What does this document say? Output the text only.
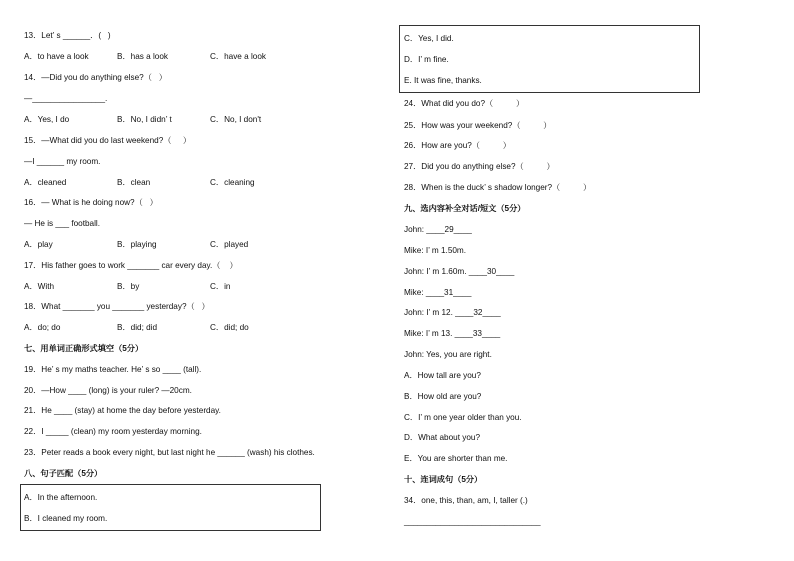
13．Let’ s ______．(   )

A．to have a look	B．has a look	C．have a look

14．—Did you do anything else?（   ）

—________________.

A．Yes, I do	B．No, I didn’ t	C．No, I don't

15．—What did you do last weekend?（     ）

—I ______ my room.

A．cleaned	B．clean	C．cleaning

16．— What is he doing now?（   ）

— He is ___ football.

A．play	B．playing	C．played

17．His father goes to work _______ car every day.（    ）

A．With	B．by	C．in

18．What _______ you _______ yesterday?（   ）

A．do; do	B．did; did	C．did; do

七、用单词正确形式填空（5分）

19．He’ s my maths teacher. He’ s so ____ (tall).

20．—How ____ (long) is your ruler? —20cm.

21．He ____ (stay) at home the day before yesterday.

22．I _____ (clean) my room yesterday morning.

23．Peter reads a book every night, but last night he ______ (wash) his clothes.

八、句子匹配（5分）

A．In the afternoon.

B．I cleaned my room.

C．Yes, I did.

D．I’ m fine.

E. It was fine, thanks.

24．What did you do?（          ）

25．How was your weekend?（          ）

26．How are you?（          ）

27．Did you do anything else?（          ）

28．When is the duck’ s shadow longer?（          ）

九、选内容补全对话/短文（5分）

John: ____29____

Mike: I’ m 1.50m.

John: I’ m 1.60m. ____30____

Mike: ____31____

John: I’ m 12. ____32____

Mike: I’ m 13. ____33____

John: Yes, you are right.

A．How tall are you?

B．How old are you?

C．I’ m one year older than you.

D．What about you?

E．You are shorter than me.

十、连词成句（5分）

34．one, this, than, am, I, taller (.)

______________________________
